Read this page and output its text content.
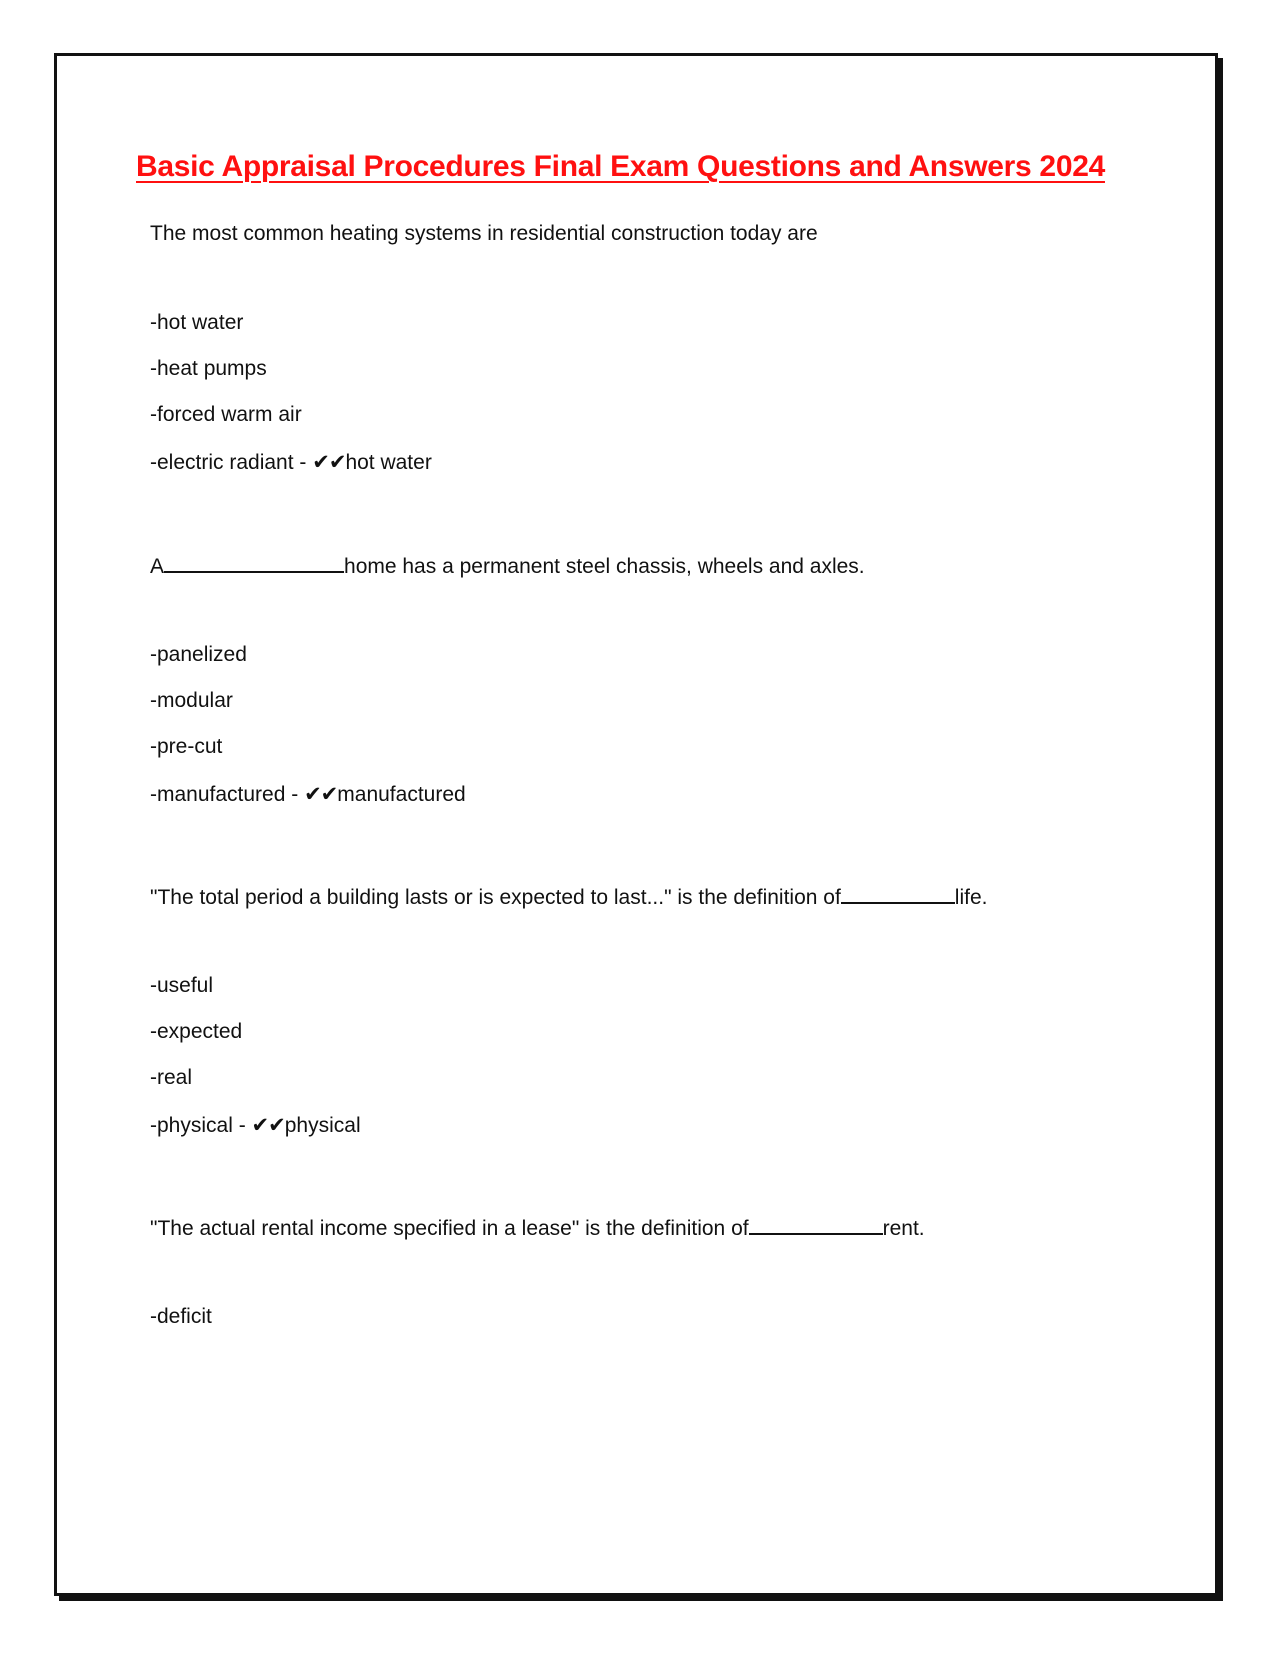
Basic Appraisal Procedures Final Exam Questions and Answers 2024
The most common heating systems in residential construction today are
-hot water
-heat pumps
-forced warm air
-electric radiant - ✔✔hot water
A	home has a permanent steel chassis, wheels and axles.
-panelized
-modular
-pre-cut
-manufactured - ✔✔manufactured
"The total period a building lasts or is expected to last..." is the definition of	life.
-useful
-expected
-real
-physical - ✔✔physical
"The actual rental income specified in a lease" is the definition of	rent.
-deficit
